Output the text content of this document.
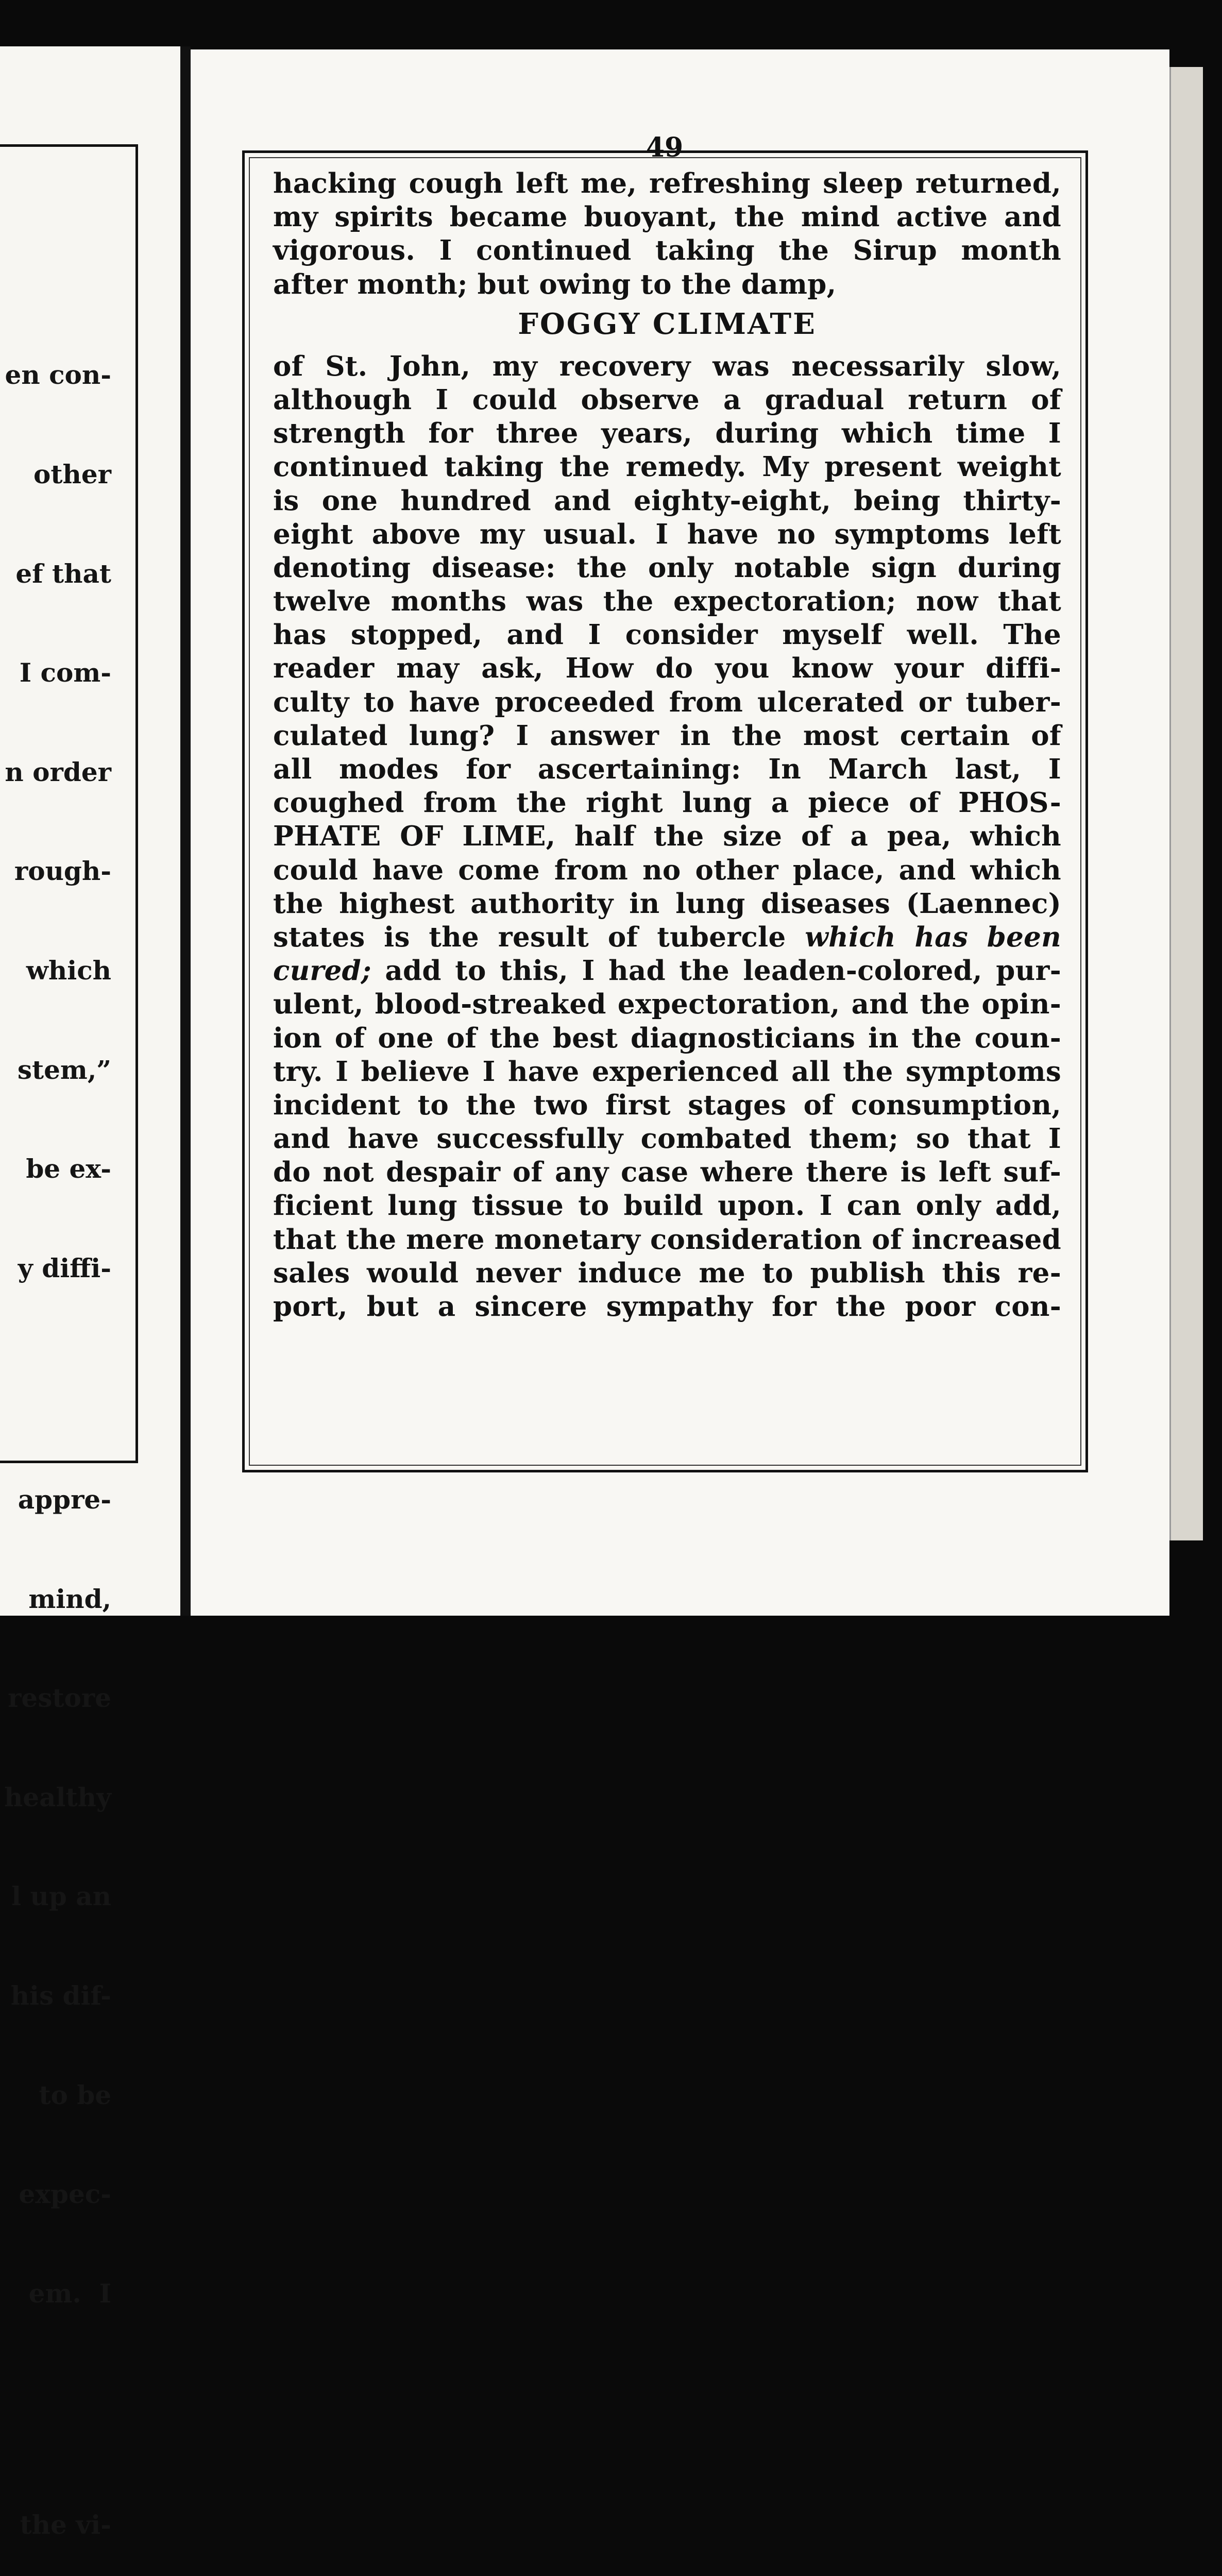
en con-

other

ef that

I com-

n order

rough-

which

stem,”

be ex-

y diffi-

appre-

mind,

restore

healthy

l up an

his dif-

to be

expec-

em.  I

the vi-

49
hacking cough left me, refreshing sleep returned,
my spirits became buoyant, the mind active and
vigorous. I continued taking the Sirup month
after month; but owing to the damp,
FOGGY CLIMATE
of St. John, my recovery was necessarily slow,
although I could observe a gradual return of
strength for three years, during which time I
continued taking the remedy. My present weight
is one hundred and eighty-eight, being thirty-
eight above my usual. I have no symptoms left
denoting disease: the only notable sign during
twelve months was the expectoration; now that
has stopped, and I consider myself well. The
reader may ask, How do you know your diffi-
culty to have proceeded from ulcerated or tuber-
culated lung? I answer in the most certain of
all modes for ascertaining: In March last, I
coughed from the right lung a piece of PHOS-
PHATE OF LIME, half the size of a pea, which
could have come from no other place, and which
the highest authority in lung diseases (Laennec)
states is the result of tubercle which has been
cured; add to this, I had the leaden-colored, pur-
ulent, blood-streaked expectoration, and the opin-
ion of one of the best diagnosticians in the coun-
try. I believe I have experienced all the symptoms
incident to the two first stages of consumption,
and have successfully combated them; so that I
do not despair of any case where there is left suf-
ficient lung tissue to build upon. I can only add,
that the mere monetary consideration of increased
sales would never induce me to publish this re-
port, but a sincere sympathy for the poor con-
